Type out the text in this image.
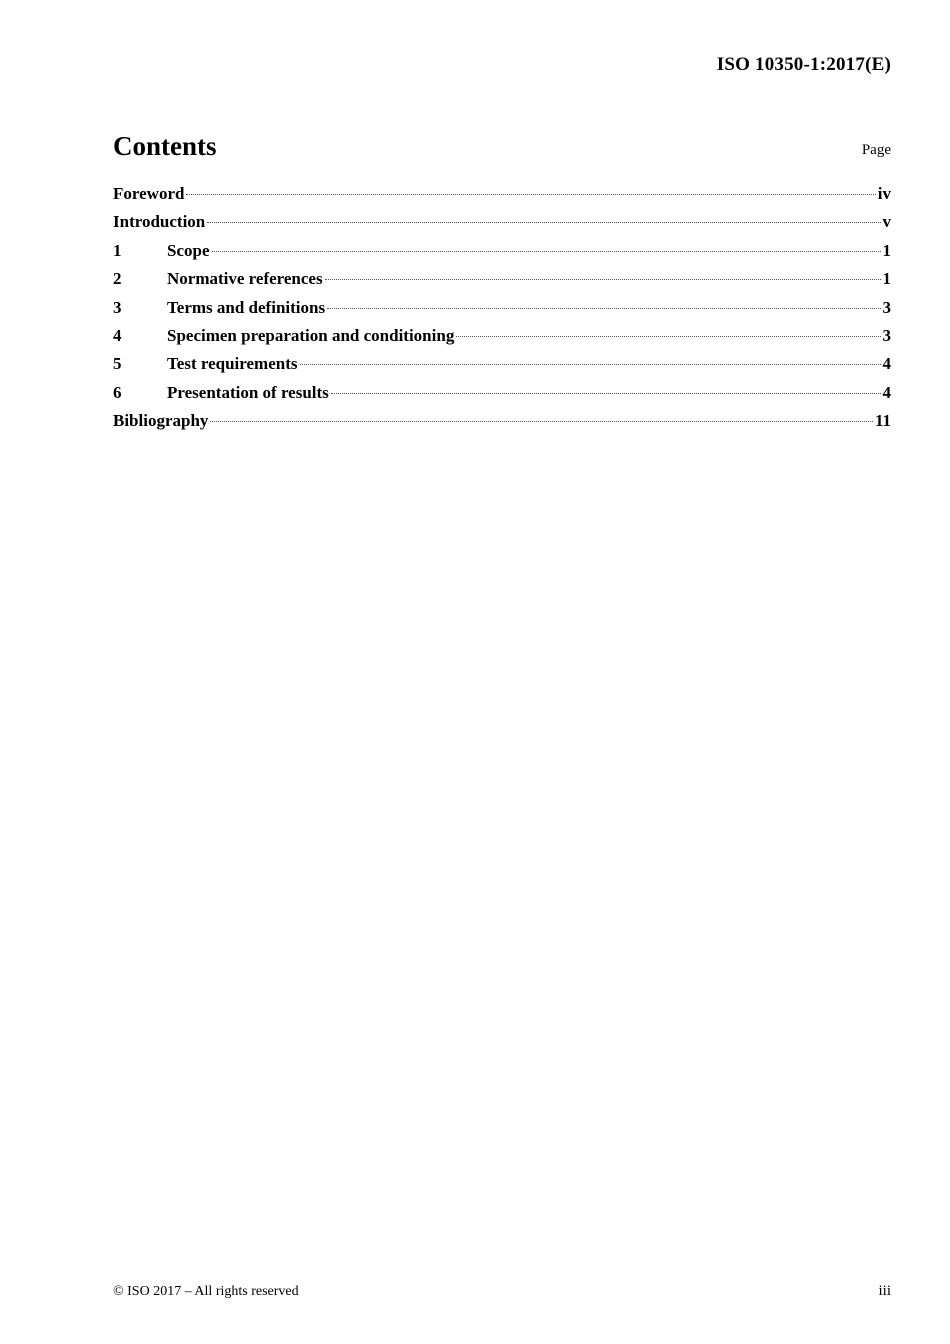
ISO 10350-1:2017(E)
Contents	Page
Foreword	iv
Introduction	v
1	Scope	1
2	Normative references	1
3	Terms and definitions	3
4	Specimen preparation and conditioning	3
5	Test requirements	4
6	Presentation of results	4
Bibliography	11
© ISO 2017 – All rights reserved	iii
